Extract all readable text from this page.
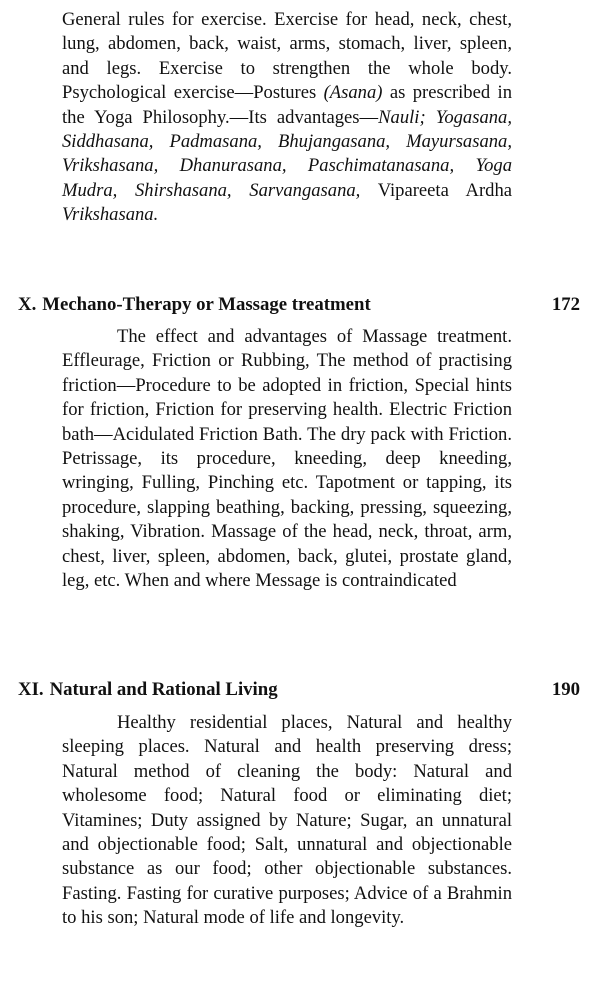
General rules for exercise. Exercise for head, neck, chest, lung, abdomen, back, waist, arms, stomach, liver, spleen, and legs. Exercise to strengthen the whole body. Psychological exercise—Postures (Asana) as prescribed in the Yoga Philosophy.—Its advantages—Nauli; Yogasana, Siddhasana, Padmasana, Bhujangasana, Mayursasana, Vrikshasana, Dhanurasana, Paschimatanasana, Yoga Mudra, Shirshasana, Sarvangasana, Vipareeta Ardha Vrikshasana.

X. Mechano-Therapy or Massage treatment	172

The effect and advantages of Massage treatment. Effleurage, Friction or Rubbing, The method of practising friction—Procedure to be adopted in friction, Special hints for friction, Friction for preserving health. Electric Friction bath—Acidulated Friction Bath. The dry pack with Friction. Petrissage, its procedure, kneeding, deep kneeding, wringing, Fulling, Pinching etc. Tapotment or tapping, its procedure, slapping beathing, backing, pressing, squeezing, shaking, Vibration. Massage of the head, neck, throat, arm, chest, liver, spleen, abdomen, back, glutei, prostate gland, leg, etc. When and where Message is contraindicated

XI. Natural and Rational Living	190

Healthy residential places, Natural and healthy sleeping places. Natural and health preserving dress; Natural method of cleaning the body: Natural and wholesome food; Natural food or eliminating diet; Vitamines; Duty assigned by Nature; Sugar, an unnatural and objectionable food; Salt, unnatural and objectionable substance as our food; other objectionable substances. Fasting. Fasting for curative purposes; Advice of a Brahmin to his son; Natural mode of life and longevity.
